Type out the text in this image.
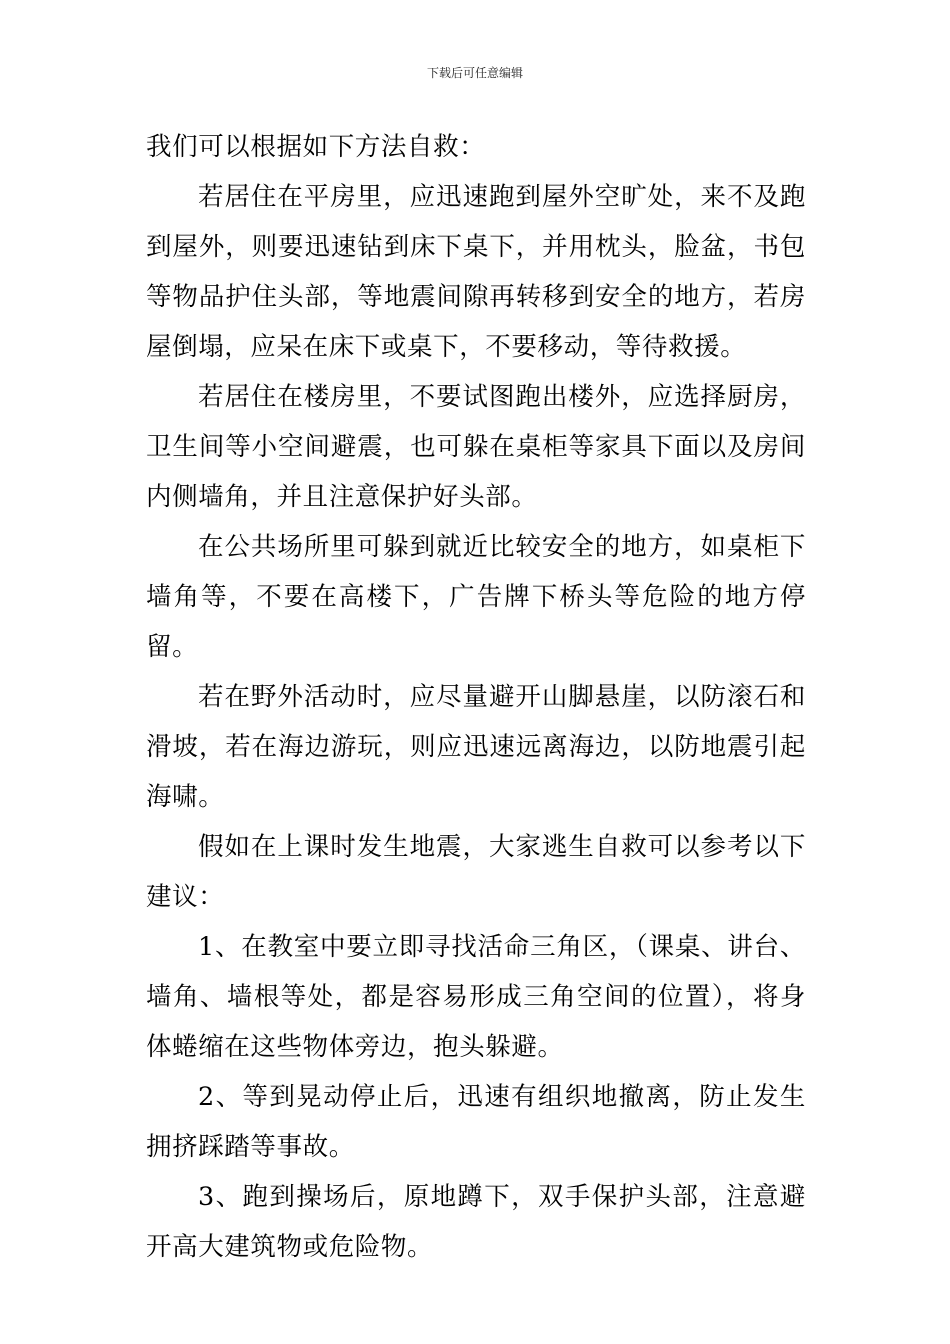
下载后可任意编辑

我们可以根据如下方法自救：

若居住在平房里，应迅速跑到屋外空旷处，来不及跑到屋外，则要迅速钻到床下桌下，并用枕头，脸盆，书包等物品护住头部，等地震间隙再转移到安全的地方，若房屋倒塌，应呆在床下或桌下，不要移动，等待救援。

若居住在楼房里，不要试图跑出楼外，应选择厨房，卫生间等小空间避震，也可躲在桌柜等家具下面以及房间内侧墙角，并且注意保护好头部。

在公共场所里可躲到就近比较安全的地方，如桌柜下墙角等，不要在高楼下，广告牌下桥头等危险的地方停留。

若在野外活动时，应尽量避开山脚悬崖，以防滚石和滑坡，若在海边游玩，则应迅速远离海边，以防地震引起海啸。

假如在上课时发生地震，大家逃生自救可以参考以下建议：

1、在教室中要立即寻找活命三角区，（课桌、讲台、墙角、墙根等处，都是容易形成三角空间的位置），将身体蜷缩在这些物体旁边，抱头躲避。

2、等到晃动停止后，迅速有组织地撤离，防止发生拥挤踩踏等事故。

3、跑到操场后，原地蹲下，双手保护头部，注意避开高大建筑物或危险物。
